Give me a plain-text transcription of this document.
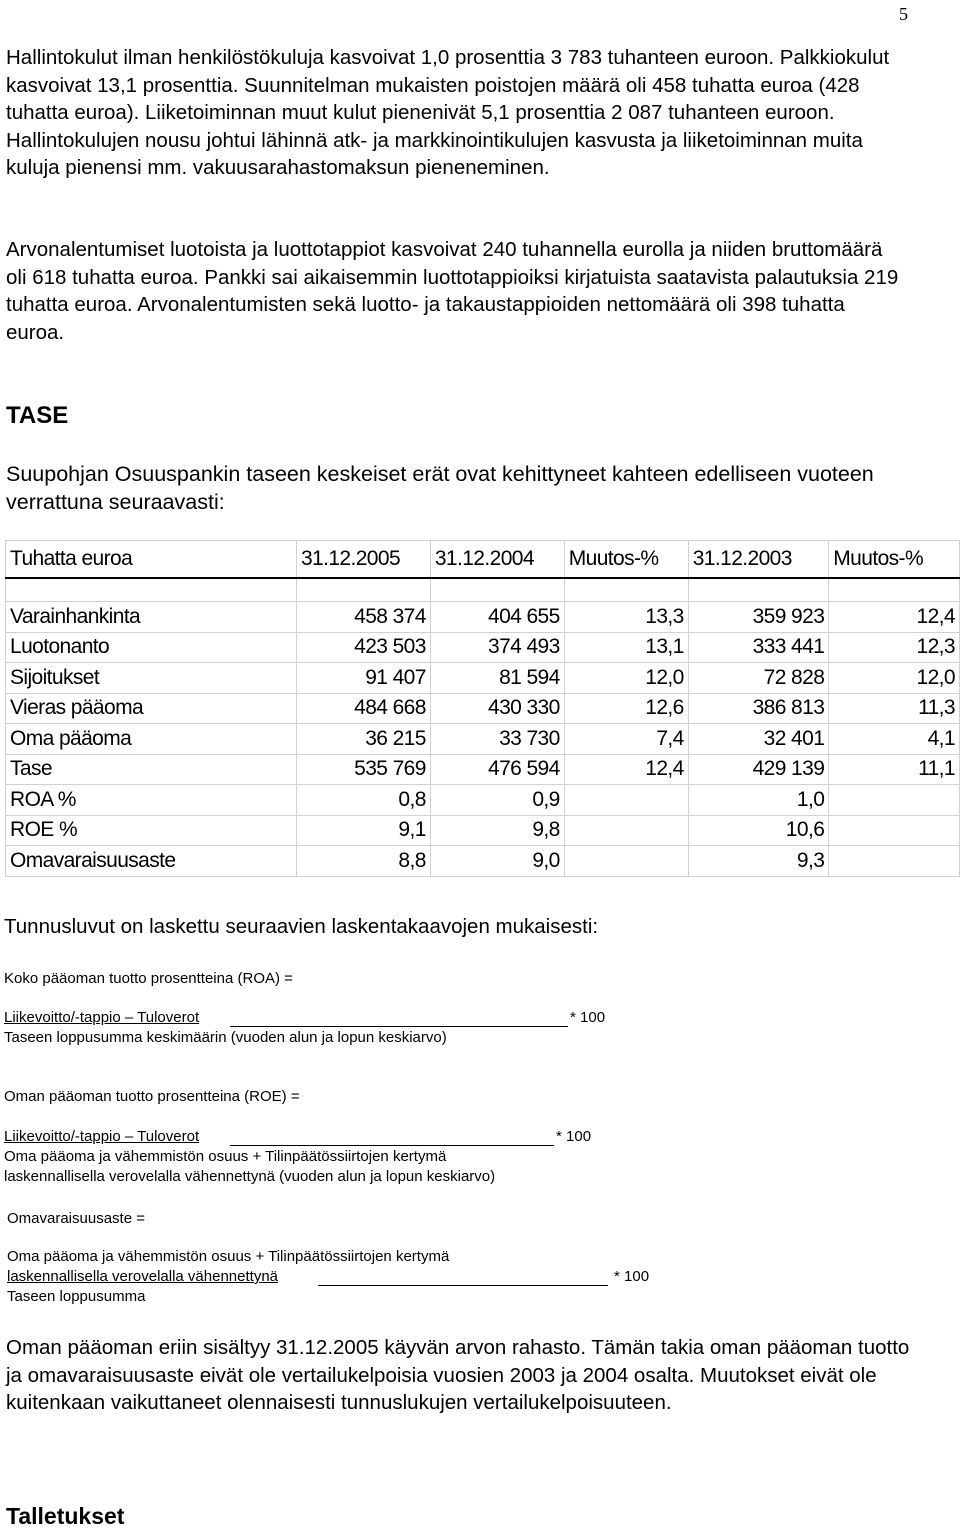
5

Hallintokulut ilman henkilöstökuluja kasvoivat 1,0 prosenttia 3 783 tuhanteen euroon. Palkkiokulut kasvoivat 13,1 prosenttia. Suunnitelman mukaisten poistojen määrä oli 458 tuhatta euroa (428 tuhatta euroa). Liiketoiminnan muut kulut pienenivät 5,1 prosenttia 2 087 tuhanteen euroon. Hallintokulujen nousu johtui lähinnä atk- ja markkinointikulujen kasvusta ja liiketoiminnan muita kuluja pienensi mm. vakuusarahastomaksun pieneneminen.

Arvonalentumiset luotoista ja luottotappiot kasvoivat 240 tuhannella eurolla ja niiden bruttomäärä oli 618 tuhatta euroa. Pankki sai aikaisemmin luottotappioiksi kirjatuista saatavista palautuksia 219 tuhatta euroa. Arvonalentumisten sekä luotto- ja takaustappioiden nettomäärä oli 398 tuhatta euroa.

TASE

Suupohjan Osuuspankin taseen keskeiset erät ovat kehittyneet kahteen edelliseen vuoteen verrattuna seuraavasti:

Tuhatta euroa	31.12.2005	31.12.2004	Muutos-%	31.12.2003	Muutos-%

Varainhankinta	458 374	404 655	13,3	359 923	12,4
Luotonanto	423 503	374 493	13,1	333 441	12,3
Sijoitukset	91 407	81 594	12,0	72 828	12,0
Vieras pääoma	484 668	430 330	12,6	386 813	11,3
Oma pääoma	36 215	33 730	7,4	32 401	4,1
Tase	535 769	476 594	12,4	429 139	11,1
ROA %	0,8	0,9		1,0	
ROE %	9,1	9,8		10,6	
Omavaraisuusaste	8,8	9,0		9,3	
Tunnusluvut on laskettu seuraavien laskentakaavojen mukaisesti:
Koko pääoman tuotto prosentteina (ROA) =
Liikevoitto/-tappio – Tuloverot	* 100
Taseen loppusumma keskimäärin (vuoden alun ja lopun keskiarvo)
Oman pääoman tuotto prosentteina (ROE) =
Liikevoitto/-tappio – Tuloverot	* 100
Oma pääoma ja vähemmistön osuus + Tilinpäätössiirtojen kertymä
laskennallisella verovelalla vähennettynä (vuoden alun ja lopun keskiarvo)
Omavaraisuusaste =
Oma pääoma ja vähemmistön osuus + Tilinpäätössiirtojen kertymä
laskennallisella verovelalla vähennettynä	* 100
Taseen loppusumma

Oman pääoman eriin sisältyy 31.12.2005 käyvän arvon rahasto. Tämän takia oman pääoman tuotto ja omavaraisuusaste eivät ole vertailukelpoisia vuosien 2003 ja 2004 osalta. Muutokset eivät ole kuitenkaan vaikuttaneet olennaisesti tunnuslukujen vertailukelpoisuuteen.

Talletukset
